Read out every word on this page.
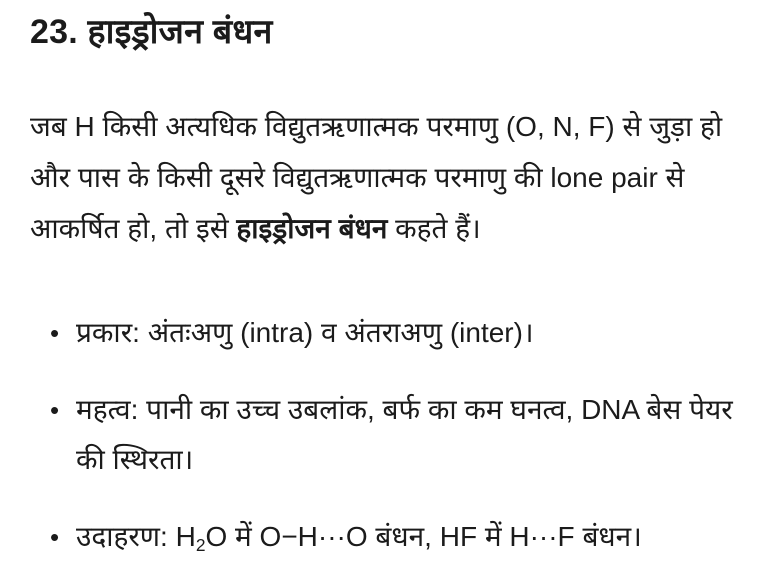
23. हाइड्रोजन बंधन

जब H किसी अत्यधिक विद्युतऋणात्मक परमाणु (O, N, F) से जुड़ा हो और पास के किसी दूसरे विद्युतऋणात्मक परमाणु की lone pair से आकर्षित हो, तो इसे हाइड्रोजन बंधन कहते हैं।

• प्रकार: अंतःअणु (intra) व अंतराअणु (inter)।
• महत्व: पानी का उच्च उबलांक, बर्फ का कम घनत्व, DNA बेस पेयर की स्थिरता।
• उदाहरण: $H_2O$ में O−H···O बंधन, HF में H···F बंधन।
